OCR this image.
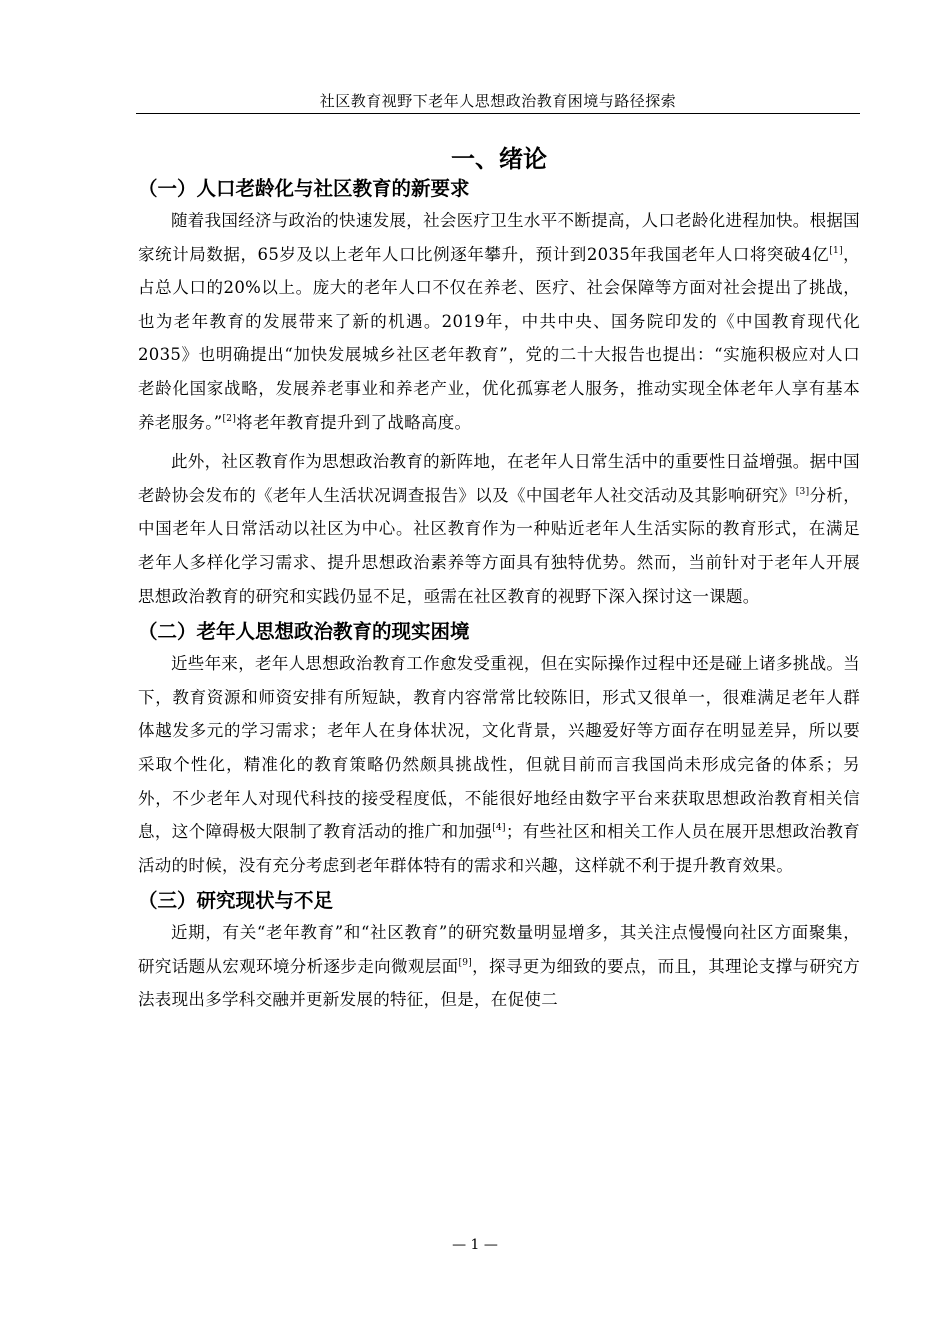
社区教育视野下老年人思想政治教育困境与路径探索
一、绪论
（一）人口老龄化与社区教育的新要求

随着我国经济与政治的快速发展，社会医疗卫生水平不断提高，人口老龄化进程加快。根据国家统计局数据，65岁及以上老年人口比例逐年攀升，预计到2035年我国老年人口将突破4亿[1]，占总人口的20%以上。庞大的老年人口不仅在养老、医疗、社会保障等方面对社会提出了挑战，也为老年教育的发展带来了新的机遇。2019年，中共中央、国务院印发的《中国教育现代化2035》也明确提出“加快发展城乡社区老年教育”，党的二十大报告也提出：“实施积极应对人口老龄化国家战略，发展养老事业和养老产业，优化孤寡老人服务，推动实现全体老年人享有基本养老服务。”[2]将老年教育提升到了战略高度。

此外，社区教育作为思想政治教育的新阵地，在老年人日常生活中的重要性日益增强。据中国老龄协会发布的《老年人生活状况调查报告》以及《中国老年人社交活动及其影响研究》[3]分析，中国老年人日常活动以社区为中心。社区教育作为一种贴近老年人生活实际的教育形式，在满足老年人多样化学习需求、提升思想政治素养等方面具有独特优势。然而，当前针对于老年人开展思想政治教育的研究和实践仍显不足，亟需在社区教育的视野下深入探讨这一课题。

（二）老年人思想政治教育的现实困境

近些年来，老年人思想政治教育工作愈发受重视，但在实际操作过程中还是碰上诸多挑战。当下，教育资源和师资安排有所短缺，教育内容常常比较陈旧，形式又很单一，很难满足老年人群体越发多元的学习需求；老年人在身体状况，文化背景，兴趣爱好等方面存在明显差异，所以要采取个性化，精准化的教育策略仍然颇具挑战性，但就目前而言我国尚未形成完备的体系；另外，不少老年人对现代科技的接受程度低，不能很好地经由数字平台来获取思想政治教育相关信息，这个障碍极大限制了教育活动的推广和加强[4]；有些社区和相关工作人员在展开思想政治教育活动的时候，没有充分考虑到老年群体特有的需求和兴趣，这样就不利于提升教育效果。

（三）研究现状与不足

近期，有关“老年教育”和“社区教育”的研究数量明显增多，其关注点慢慢向社区方面聚集，研究话题从宏观环境分析逐步走向微观层面[9]，探寻更为细致的要点，而且，其理论支撑与研究方法表现出多学科交融并更新发展的特征，但是，在促使二

— 1 —
